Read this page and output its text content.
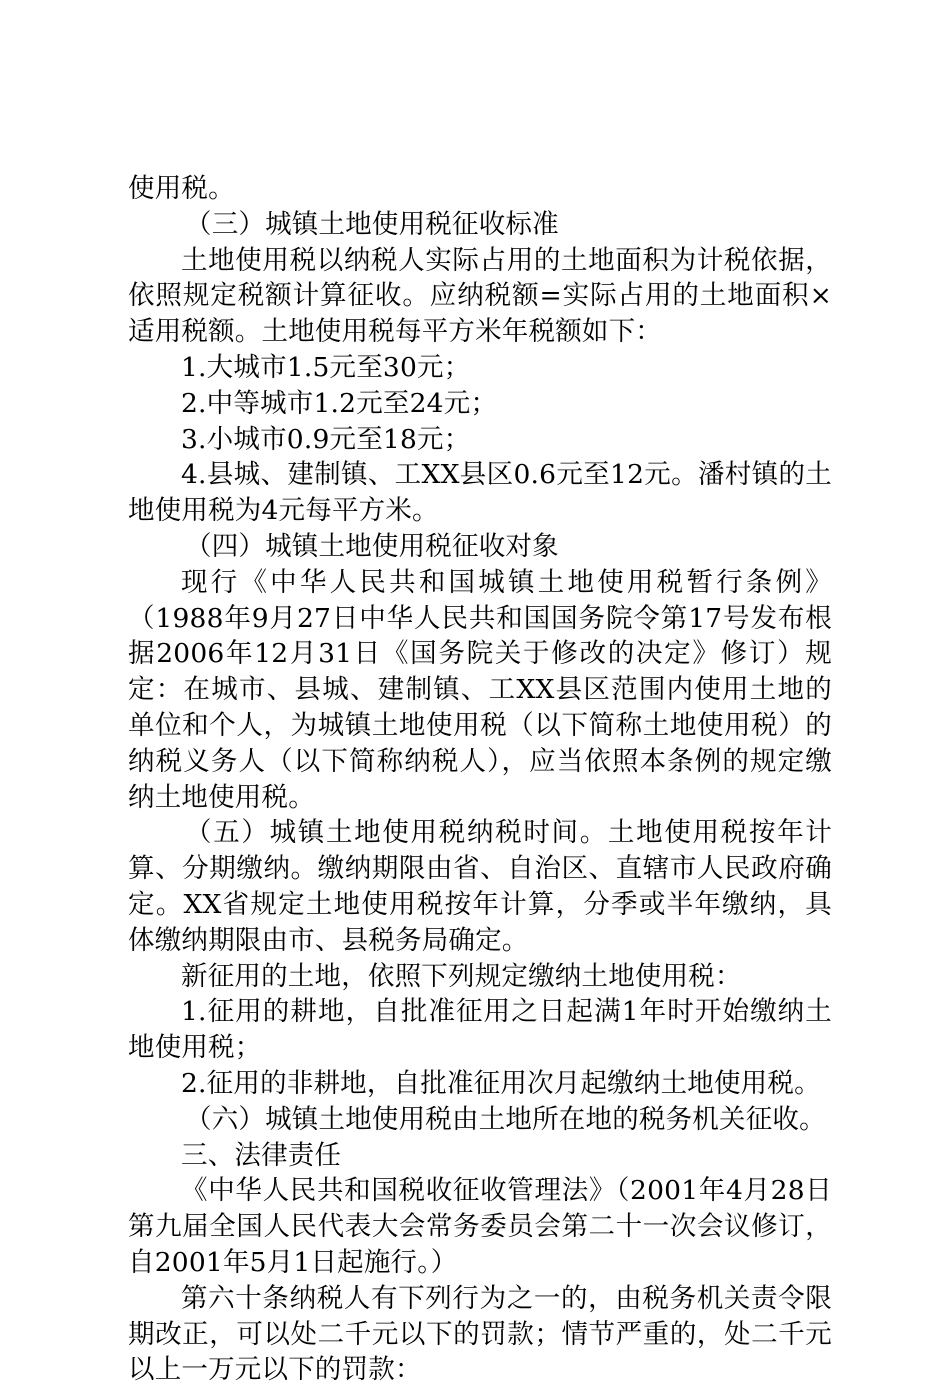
使用税。

（三）城镇土地使用税征收标准

土地使用税以纳税人实际占用的土地面积为计税依据，依照规定税额计算征收。应纳税额=实际占用的土地面积×适用税额。土地使用税每平方米年税额如下：

1.大城市1.5元至30元；

2.中等城市1.2元至24元；

3.小城市0.9元至18元；

4.县城、建制镇、工XX县区0.6元至12元。潘村镇的土地使用税为4元每平方米。

（四）城镇土地使用税征收对象

现行《中华人民共和国城镇土地使用税暂行条例》（1988年9月27日中华人民共和国国务院令第17号发布根据2006年12月31日《国务院关于修改的决定》修订）规定：在城市、县城、建制镇、工XX县区范围内使用土地的单位和个人，为城镇土地使用税（以下简称土地使用税）的纳税义务人（以下简称纳税人），应当依照本条例的规定缴纳土地使用税。

（五）城镇土地使用税纳税时间。土地使用税按年计算、分期缴纳。缴纳期限由省、自治区、直辖市人民政府确定。XX省规定土地使用税按年计算，分季或半年缴纳，具体缴纳期限由市、县税务局确定。

新征用的土地，依照下列规定缴纳土地使用税：

1.征用的耕地，自批准征用之日起满1年时开始缴纳土地使用税；

2.征用的非耕地，自批准征用次月起缴纳土地使用税。

（六）城镇土地使用税由土地所在地的税务机关征收。

三、法律责任

《中华人民共和国税收征收管理法》（2001年4月28日第九届全国人民代表大会常务委员会第二十一次会议修订，自2001年5月1日起施行。）

第六十条纳税人有下列行为之一的，由税务机关责令限期改正，可以处二千元以下的罚款；情节严重的，处二千元以上一万元以下的罚款：
